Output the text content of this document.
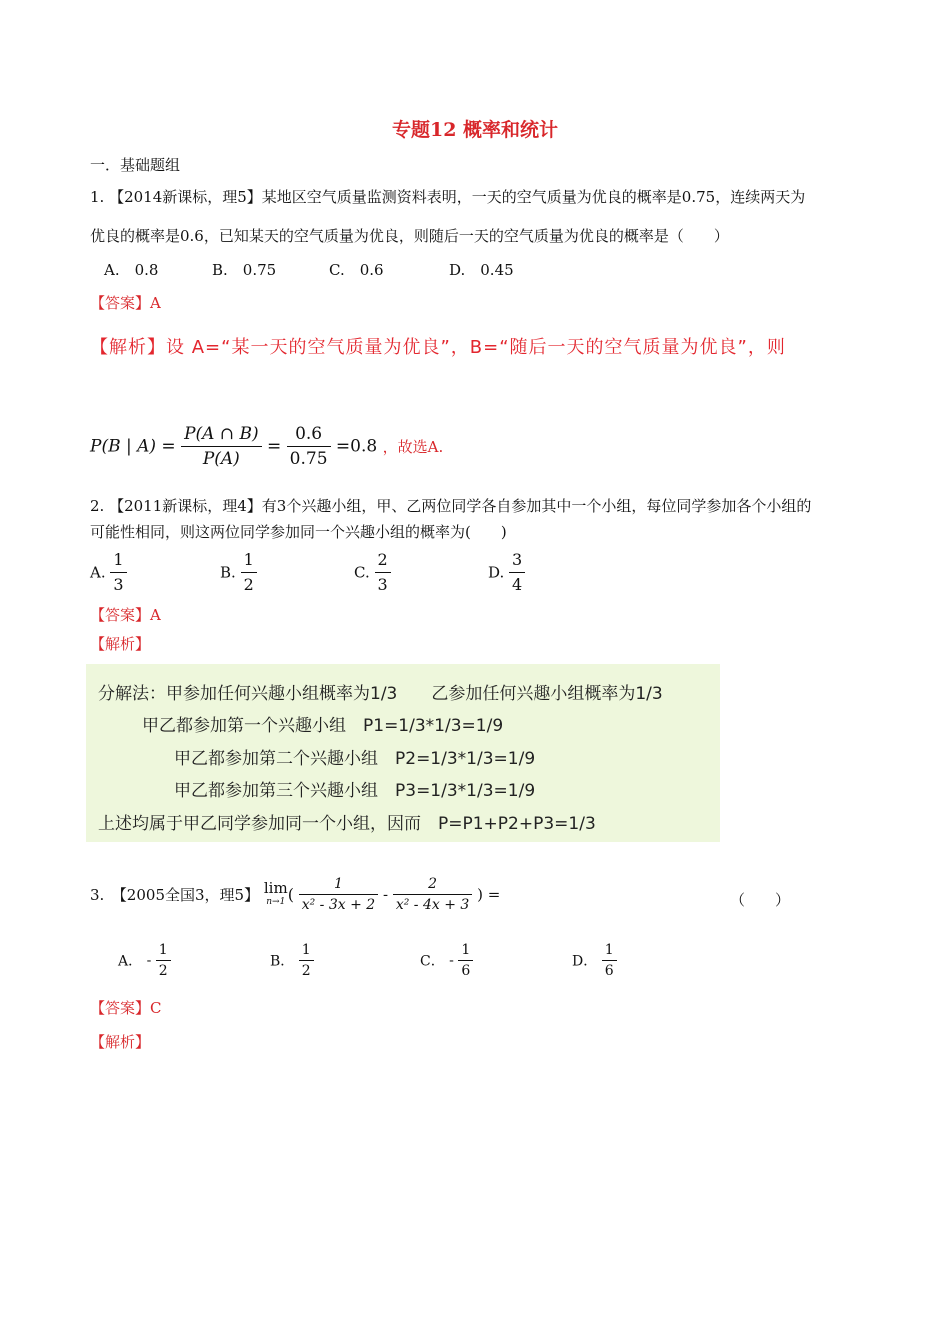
专题12 概率和统计
一．基础题组
1. 【2014新课标，理5】某地区空气质量监测资料表明，一天的空气质量为优良的概率是0.75，连续两天为
优良的概率是0.6，已知某天的空气质量为优良，则随后一天的空气质量为优良的概率是（　　）
A.　0.8	B.　0.75	C.　0.6	D.　0.45
【答案】A
【解析】设 A=“某一天的空气质量为优良”，B=“随后一天的空气质量为优良”，则
P(B | $A) = \frac{P(A \cap B)}{P(A)} = \frac{0.6}{0.75} =0.8$ ，故选A.
2. 【2011新课标，理4】有3个兴趣小组，甲、乙两位同学各自参加其中一个小组，每位同学参加各个小组的
可能性相同，则这两位同学参加同一个兴趣小组的概率为(　　)
A. $\frac{1}{3}$	B. $\frac{1}{2}$	C. $\frac{2}{3}$	D. $\frac{3}{4}$
【答案】A
【解析】
分解法：甲参加任何兴趣小组概率为1/3　　乙参加任何兴趣小组概率为1/3
甲乙都参加第一个兴趣小组　P1=1/3*1/3=1/9
甲乙都参加第二个兴趣小组　P2=1/3*1/3=1/9
甲乙都参加第三个兴趣小组　P3=1/3*1/3=1/9
上述均属于甲乙同学参加同一个小组，因而　P=P1+P2+P3=1/3
3.　【2005全国3，理5】 lim
n→1 ( $\frac{1}{\text{x² - 3x + 2}} - \frac{2}{\text{x² - 4x + 3}}$ ) =	（　　）
A． - $\frac{1}{2}$	B． $\frac{1}{2}$	C． - $\frac{1}{6}$	D． $\frac{1}{6}$
【答案】C
【解析】
